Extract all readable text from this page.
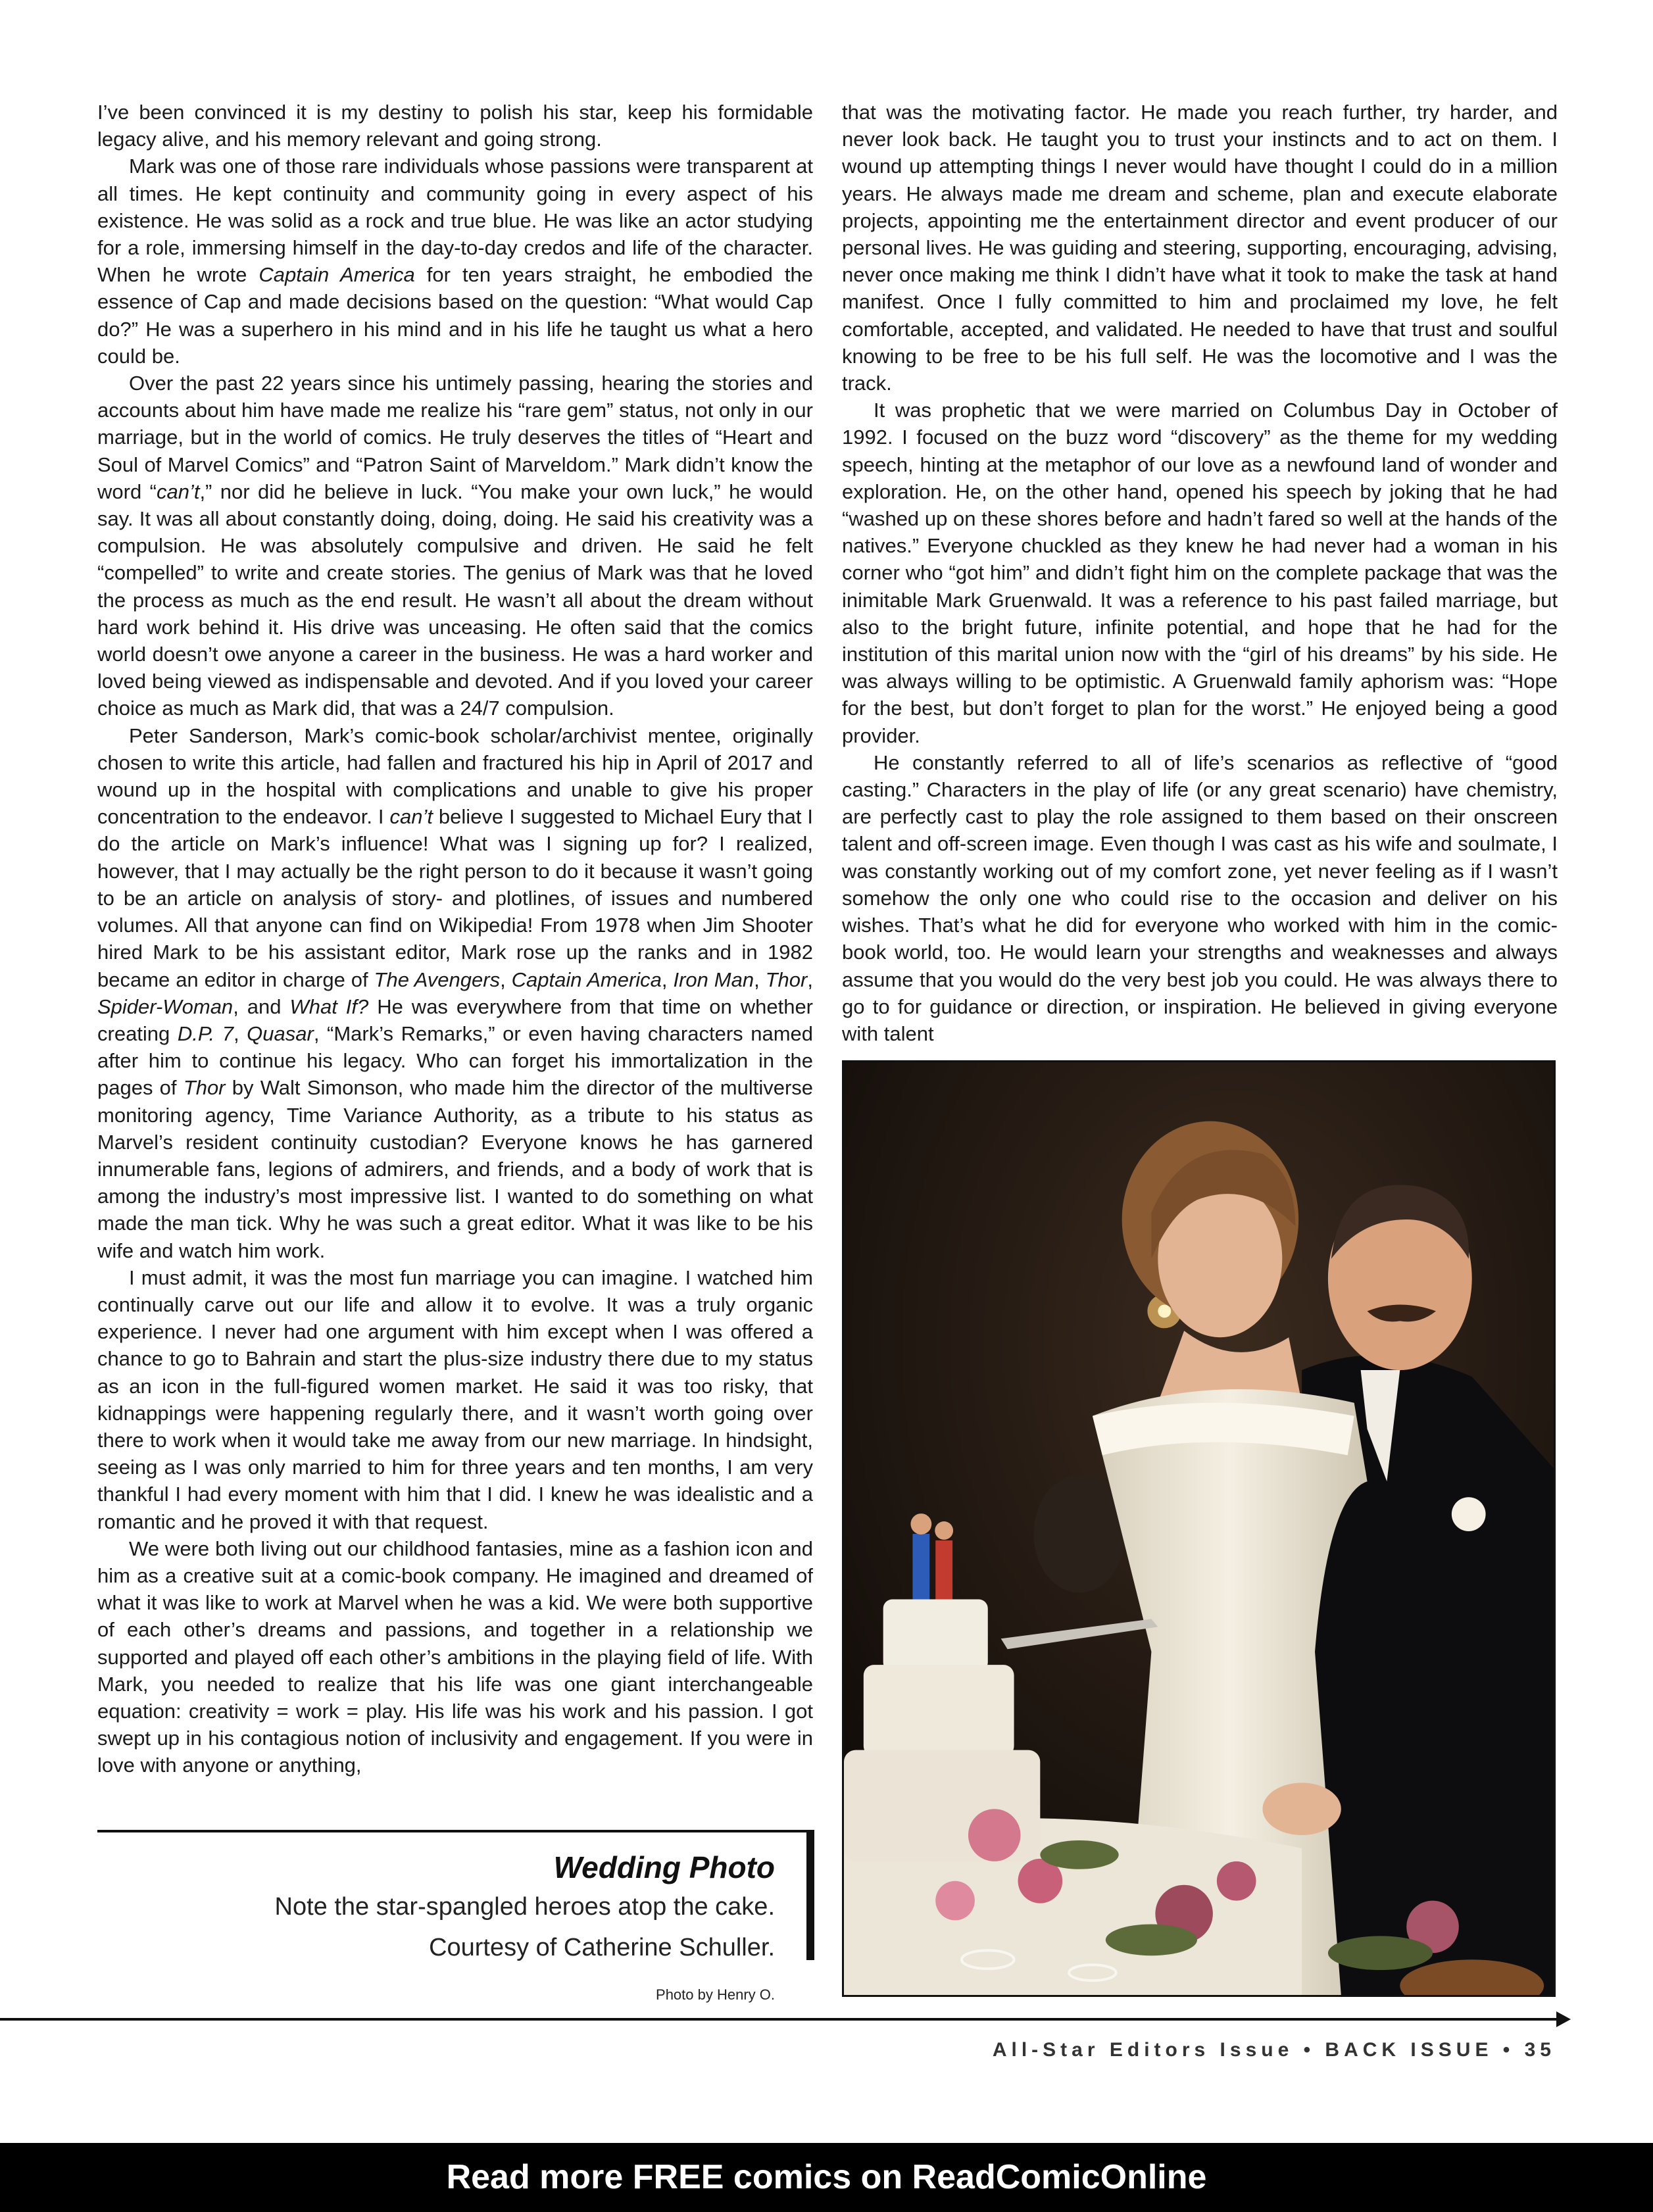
I’ve been convinced it is my destiny to polish his star, keep his formidable legacy alive, and his memory relevant and going strong.

Mark was one of those rare individuals whose passions were transparent at all times. He kept continuity and community going in every aspect of his existence. He was solid as a rock and true blue. He was like an actor studying for a role, immersing himself in the day-to-day credos and life of the character. When he wrote Captain America for ten years straight, he embodied the essence of Cap and made decisions based on the question: “What would Cap do?” He was a superhero in his mind and in his life he taught us what a hero could be.

Over the past 22 years since his untimely passing, hearing the stories and accounts about him have made me realize his “rare gem” status, not only in our marriage, but in the world of comics. He truly deserves the titles of “Heart and Soul of Marvel Comics” and “Patron Saint of Marveldom.” Mark didn’t know the word “can’t,” nor did he believe in luck. “You make your own luck,” he would say. It was all about constantly doing, doing, doing. He said his creativity was a compulsion. He was absolutely compulsive and driven. He said he felt “compelled” to write and create stories. The genius of Mark was that he loved the process as much as the end result. He wasn’t all about the dream without hard work behind it. His drive was unceasing. He often said that the comics world doesn’t owe anyone a career in the business. He was a hard worker and loved being viewed as indispensable and devoted. And if you loved your career choice as much as Mark did, that was a 24/7 compulsion.

Peter Sanderson, Mark’s comic-book scholar/archivist mentee, originally chosen to write this article, had fallen and fractured his hip in April of 2017 and wound up in the hospital with complications and unable to give his proper concentration to the endeavor. I can’t believe I suggested to Michael Eury that I do the article on Mark’s influence! What was I signing up for? I realized, however, that I may actually be the right person to do it because it wasn’t going to be an article on analysis of story- and plotlines, of issues and numbered volumes. All that anyone can find on Wikipedia! From 1978 when Jim Shooter hired Mark to be his assistant editor, Mark rose up the ranks and in 1982 became an editor in charge of The Avengers, Captain America, Iron Man, Thor, Spider-Woman, and What If? He was everywhere from that time on whether creating D.P. 7, Quasar, “Mark’s Remarks,” or even having characters named after him to continue his legacy. Who can forget his immortalization in the pages of Thor by Walt Simonson, who made him the director of the multiverse monitoring agency, Time Variance Authority, as a tribute to his status as Marvel’s resident continuity custodian? Everyone knows he has garnered innumerable fans, legions of admirers, and friends, and a body of work that is among the industry’s most impressive list. I wanted to do something on what made the man tick. Why he was such a great editor. What it was like to be his wife and watch him work.

I must admit, it was the most fun marriage you can imagine. I watched him continually carve out our life and allow it to evolve. It was a truly organic experience. I never had one argument with him except when I was offered a chance to go to Bahrain and start the plus-size industry there due to my status as an icon in the full-figured women market. He said it was too risky, that kidnappings were happening regularly there, and it wasn’t worth going over there to work when it would take me away from our new marriage. In hindsight, seeing as I was only married to him for three years and ten months, I am very thankful I had every moment with him that I did. I knew he was idealistic and a romantic and he proved it with that request.

We were both living out our childhood fantasies, mine as a fashion icon and him as a creative suit at a comic-book company. He imagined and dreamed of what it was like to work at Marvel when he was a kid. We were both supportive of each other’s dreams and passions, and together in a relationship we supported and played off each other’s ambitions in the playing field of life. With Mark, you needed to realize that his life was one giant interchangeable equation: creativity = work = play. His life was his work and his passion. I got swept up in his contagious notion of inclusivity and engagement. If you were in love with anyone or anything,

that was the motivating factor. He made you reach further, try harder, and never look back. He taught you to trust your instincts and to act on them. I wound up attempting things I never would have thought I could do in a million years. He always made me dream and scheme, plan and execute elaborate projects, appointing me the entertainment director and event producer of our personal lives. He was guiding and steering, supporting, encouraging, advising, never once making me think I didn’t have what it took to make the task at hand manifest. Once I fully committed to him and proclaimed my love, he felt comfortable, accepted, and validated. He needed to have that trust and soulful knowing to be free to be his full self. He was the locomotive and I was the track.

It was prophetic that we were married on Columbus Day in October of 1992. I focused on the buzz word “discovery” as the theme for my wedding speech, hinting at the metaphor of our love as a newfound land of wonder and exploration. He, on the other hand, opened his speech by joking that he had “washed up on these shores before and hadn’t fared so well at the hands of the natives.” Everyone chuckled as they knew he had never had a woman in his corner who “got him” and didn’t fight him on the complete package that was the inimitable Mark Gruenwald. It was a reference to his past failed marriage, but also to the bright future, infinite potential, and hope that he had for the institution of this marital union now with the “girl of his dreams” by his side. He was always willing to be optimistic. A Gruenwald family aphorism was: “Hope for the best, but don’t forget to plan for the worst.” He enjoyed being a good provider.

He constantly referred to all of life’s scenarios as reflective of “good casting.” Characters in the play of life (or any great scenario) have chemistry, are perfectly cast to play the role assigned to them based on their onscreen talent and off-screen image. Even though I was cast as his wife and soulmate, I was constantly working out of my comfort zone, yet never feeling as if I wasn’t somehow the only one who could rise to the occasion and deliver on his wishes. That’s what he did for everyone who worked with him in the comic-book world, too. He would learn your strengths and weaknesses and always assume that you would do the very best job you could. He was always there to go to for guidance or direction, or inspiration. He believed in giving everyone with talent

Wedding Photo
Note the star-spangled heroes atop the cake.
Courtesy of Catherine Schuller.
Photo by Henry O.
All-Star Editors Issue • BACK ISSUE • 35
Read more FREE comics on ReadComicOnline
